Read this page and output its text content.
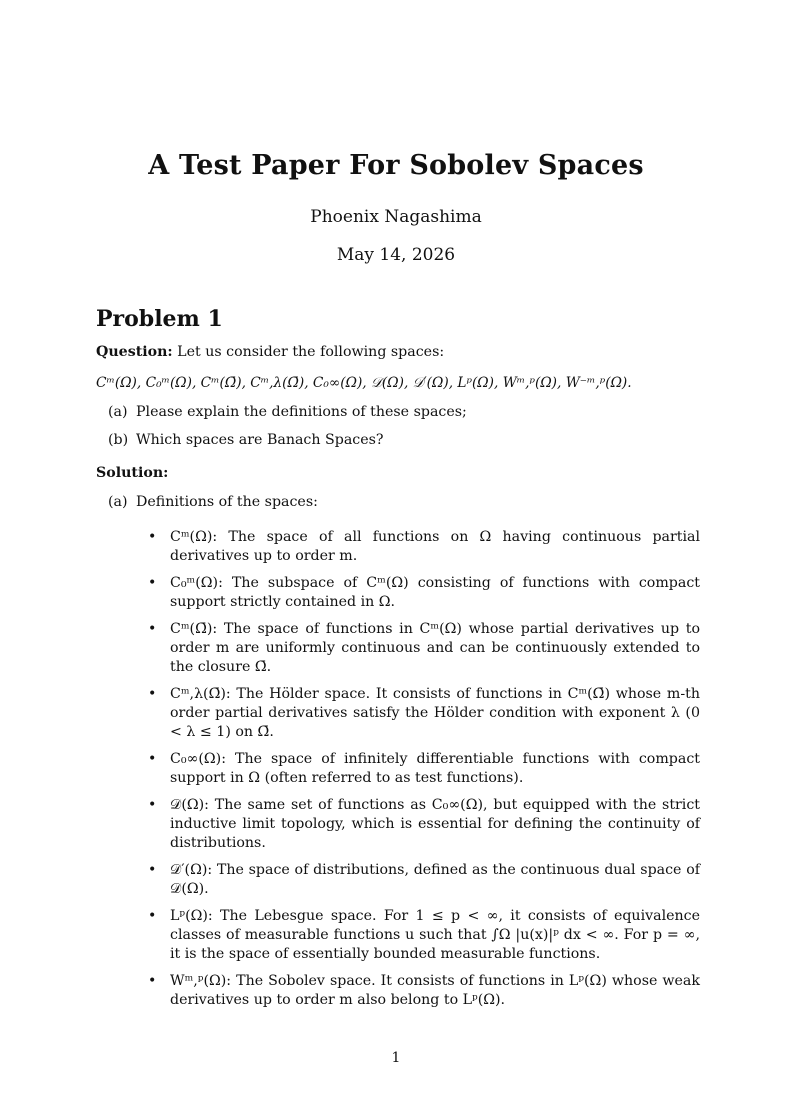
A Test Paper For Sobolev Spaces
Phoenix Nagashima
May 14, 2026
Problem 1

Question: Let us consider the following spaces:

Cᵐ(Ω), C₀ᵐ(Ω), Cᵐ(Ω̄), Cᵐ,λ(Ω̄), C₀∞(Ω), 𝒟(Ω), 𝒟′(Ω), Lᵖ(Ω), Wᵐ,ᵖ(Ω), W⁻ᵐ,ᵖ(Ω).

(a) Please explain the definitions of these spaces;
(b) Which spaces are Banach Spaces?

Solution:

(a) Definitions of the spaces:
• Cᵐ(Ω): The space of all functions on Ω having continuous partial derivatives up to order m.
• C₀ᵐ(Ω): The subspace of Cᵐ(Ω) consisting of functions with compact support strictly contained in Ω.
• Cᵐ(Ω̄): The space of functions in Cᵐ(Ω) whose partial derivatives up to order m are uniformly continuous and can be continuously extended to the closure Ω̄.
• Cᵐ,λ(Ω̄): The Hölder space. It consists of functions in Cᵐ(Ω̄) whose m-th order partial derivatives satisfy the Hölder condition with exponent λ (0 < λ ≤ 1) on Ω̄.
• C₀∞(Ω): The space of infinitely differentiable functions with compact support in Ω (often referred to as test functions).
• 𝒟(Ω): The same set of functions as C₀∞(Ω), but equipped with the strict inductive limit topology, which is essential for defining the continuity of distributions.
• 𝒟′(Ω): The space of distributions, defined as the continuous dual space of 𝒟(Ω).
• Lᵖ(Ω): The Lebesgue space. For 1 ≤ p < ∞, it consists of equivalence classes of measurable functions u such that ∫Ω |u(x)|ᵖ dx < ∞. For p = ∞, it is the space of essentially bounded measurable functions.
• Wᵐ,ᵖ(Ω): The Sobolev space. It consists of functions in Lᵖ(Ω) whose weak derivatives up to order m also belong to Lᵖ(Ω).
1
